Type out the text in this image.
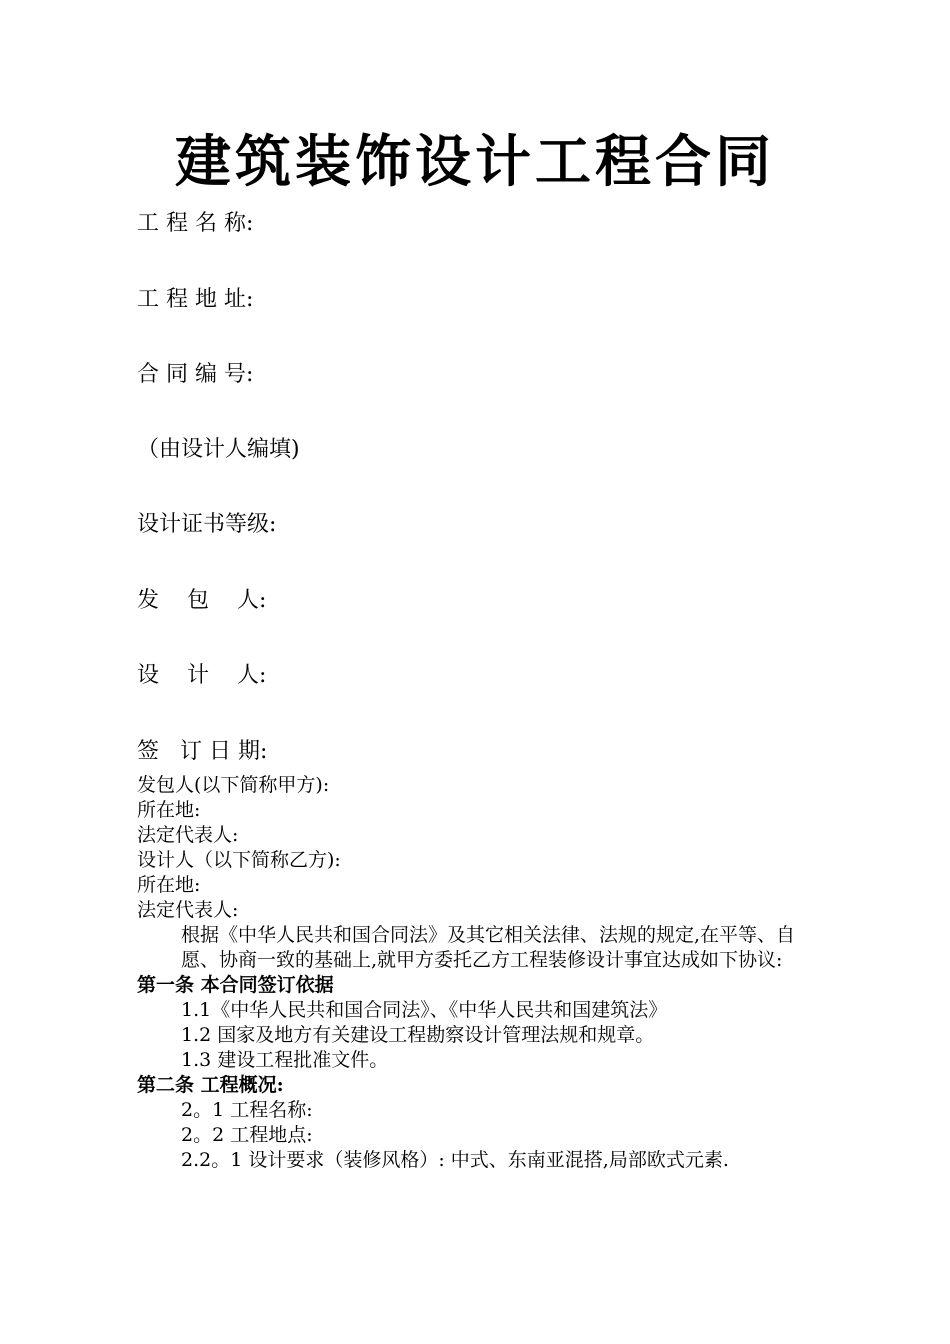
建筑装饰设计工程合同
工 程 名 称:
工 程 地 址:
合 同 编 号:
（由设计人编填)
设计证书等级:
发    包    人:
设    计    人:
签   订 日 期:

发包人(以下简称甲方):

所在地:

法定代表人:

设计人（以下简称乙方):

所在地:

法定代表人:

根据《中华人民共和国合同法》及其它相关法律、法规的规定,在平等、自愿、协商一致的基础上,就甲方委托乙方工程装修设计事宜达成如下协议:

第一条 本合同签订依据

1.1《中华人民共和国合同法》、《中华人民共和国建筑法》

1.2 国家及地方有关建设工程勘察设计管理法规和规章。

1.3 建设工程批准文件。

第二条 工程概况:

2。1 工程名称:

2。2 工程地点:

2.2。1 设计要求（装修风格）: 中式、东南亚混搭,局部欧式元素.
